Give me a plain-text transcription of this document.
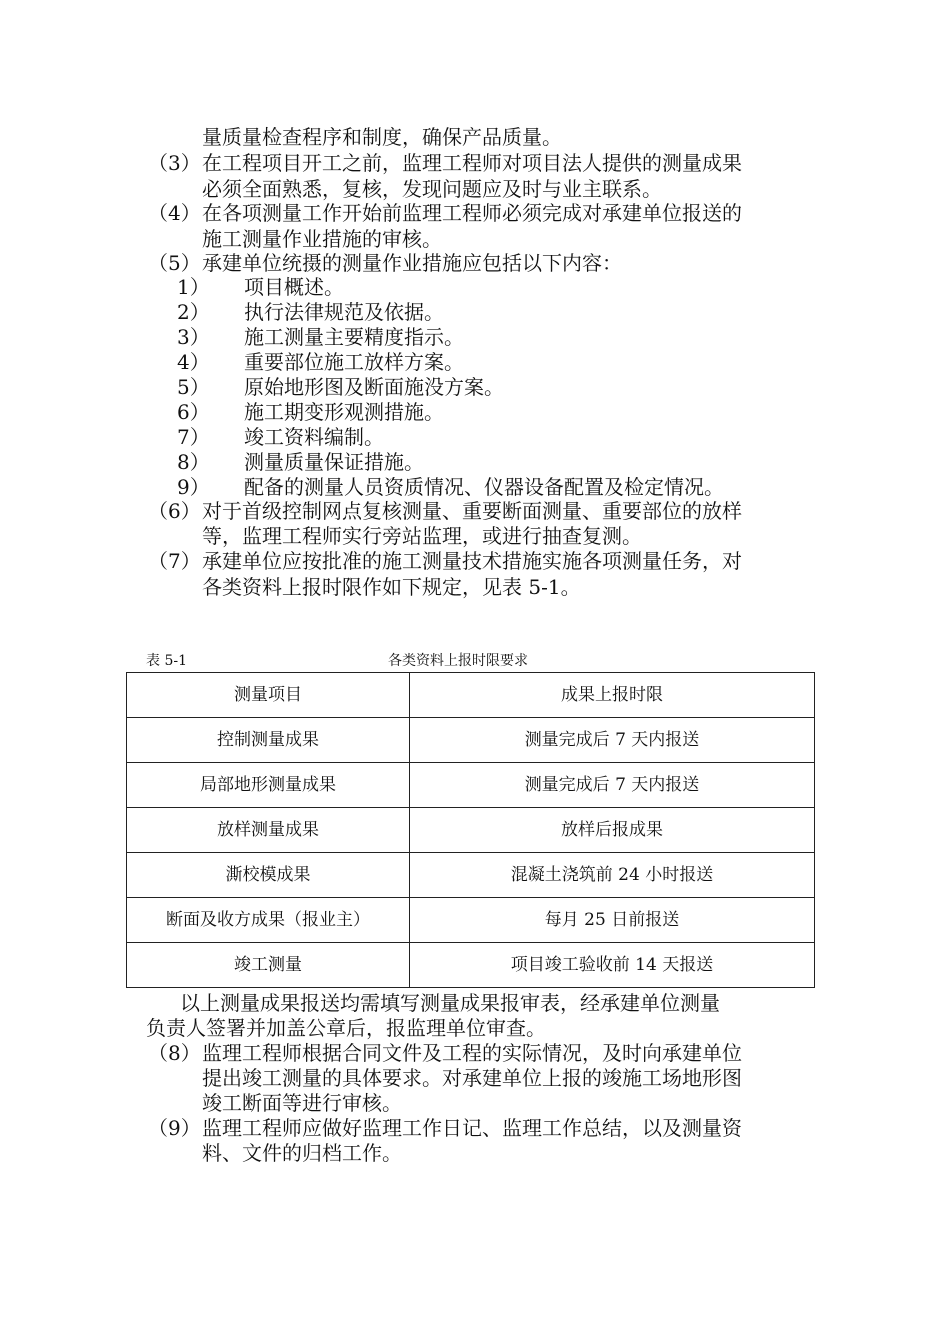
量质量检查程序和制度，确保产品质量。
（3） 在工程项目开工之前，监理工程师对项目法人提供的测量成果
必须全面熟悉，复核，发现问题应及时与业主联系。
（4） 在各项测量工作开始前监理工程师必须完成对承建单位报送的
施工测量作业措施的审核。
（5） 承建单位统摄的测量作业措施应包括以下内容：
1） 项目概述。
2） 执行法律规范及依据。
3） 施工测量主要精度指示。
4） 重要部位施工放样方案。
5） 原始地形图及断面施没方案。
6） 施工期变形观测措施。
7） 竣工资料编制。
8） 测量质量保证措施。
9） 配备的测量人员资质情况、仪器设备配置及检定情况。
（6） 对于首级控制网点复核测量、重要断面测量、重要部位的放样
等，监理工程师实行旁站监理，或进行抽查复测。
（7） 承建单位应按批准的施工测量技术措施实施各项测量任务，对
各类资料上报时限作如下规定，见表 5-1。
表 5-1	各类资料上报时限要求
测量项目	成果上报时限
控制测量成果	测量完成后 7 天内报送
局部地形测量成果	测量完成后 7 天内报送
放样测量成果	放样后报成果
澌校模成果	混凝土浇筑前 24 小时报送
断面及收方成果（报业主）	每月 25 日前报送
竣工测量	项目竣工验收前 14 天报送
以上测量成果报送均需填写测量成果报审表，经承建单位测量
负责人签署并加盖公章后，报监理单位审查。
（8） 监理工程师根据合同文件及工程的实际情况，及时向承建单位
提出竣工测量的具体要求。对承建单位上报的竣施工场地形图
竣工断面等进行审核。
（9） 监理工程师应做好监理工作日记、监理工作总结，以及测量资
料、文件的归档工作。
